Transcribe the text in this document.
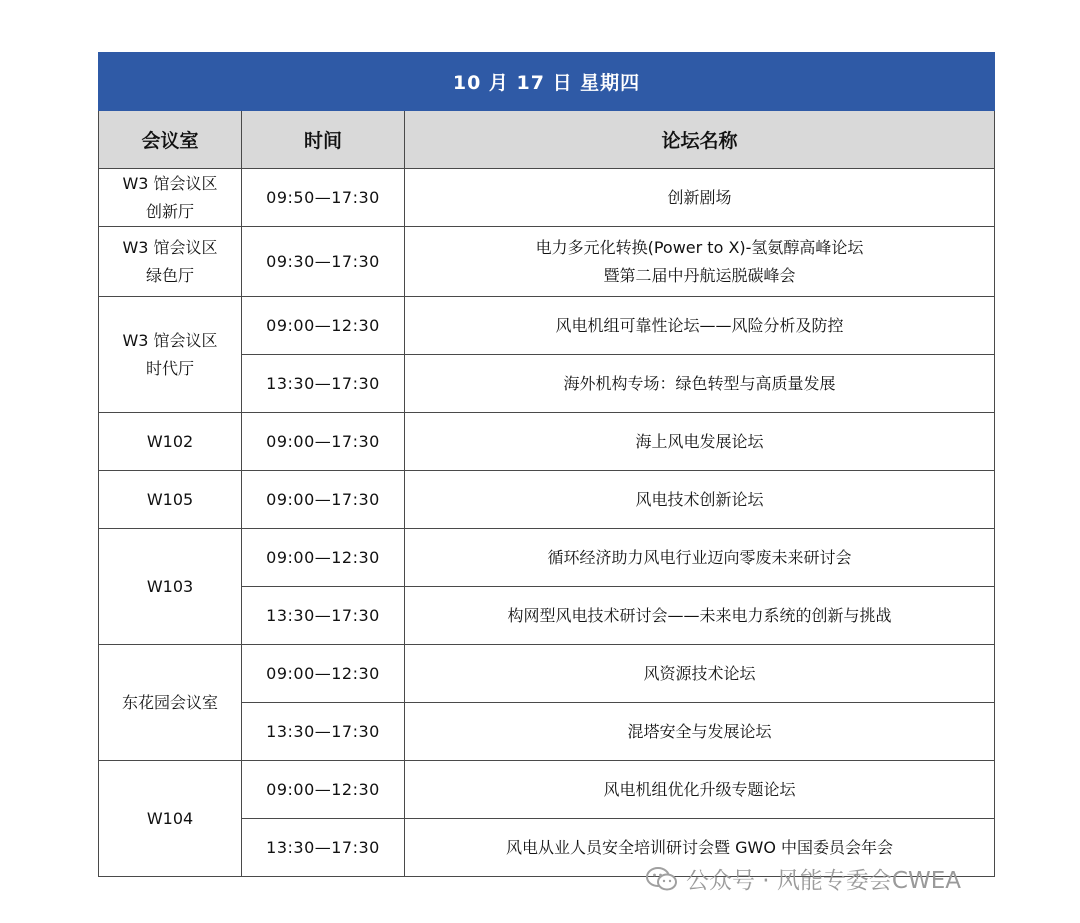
10 月 17 日 星期四		
会议室	时间	论坛名称

W3 馆会议区
创新厅	09:50—17:30	创新剧场

W3 馆会议区
绿色厅	09:30—17:30	电力多元化转换(Power to X)-氢氨醇高峰论坛
暨第二届中丹航运脱碳峰会

W3 馆会议区
时代厅	09:00—12:30	风电机组可靠性论坛——风险分析及防控

	13:30—17:30	海外机构专场：绿色转型与高质量发展

W102	09:00—17:30	海上风电发展论坛

W105	09:00—17:30	风电技术创新论坛

W103	09:00—12:30	循环经济助力风电行业迈向零废未来研讨会

	13:30—17:30	构网型风电技术研讨会——未来电力系统的创新与挑战

东花园会议室	09:00—12:30	风资源技术论坛

	13:30—17:30	混塔安全与发展论坛

W104	09:00—12:30	风电机组优化升级专题论坛

	13:30—17:30	风电从业人员安全培训研讨会暨 GWO 中国委员会年会
公众号 · 风能专委会CWEA
